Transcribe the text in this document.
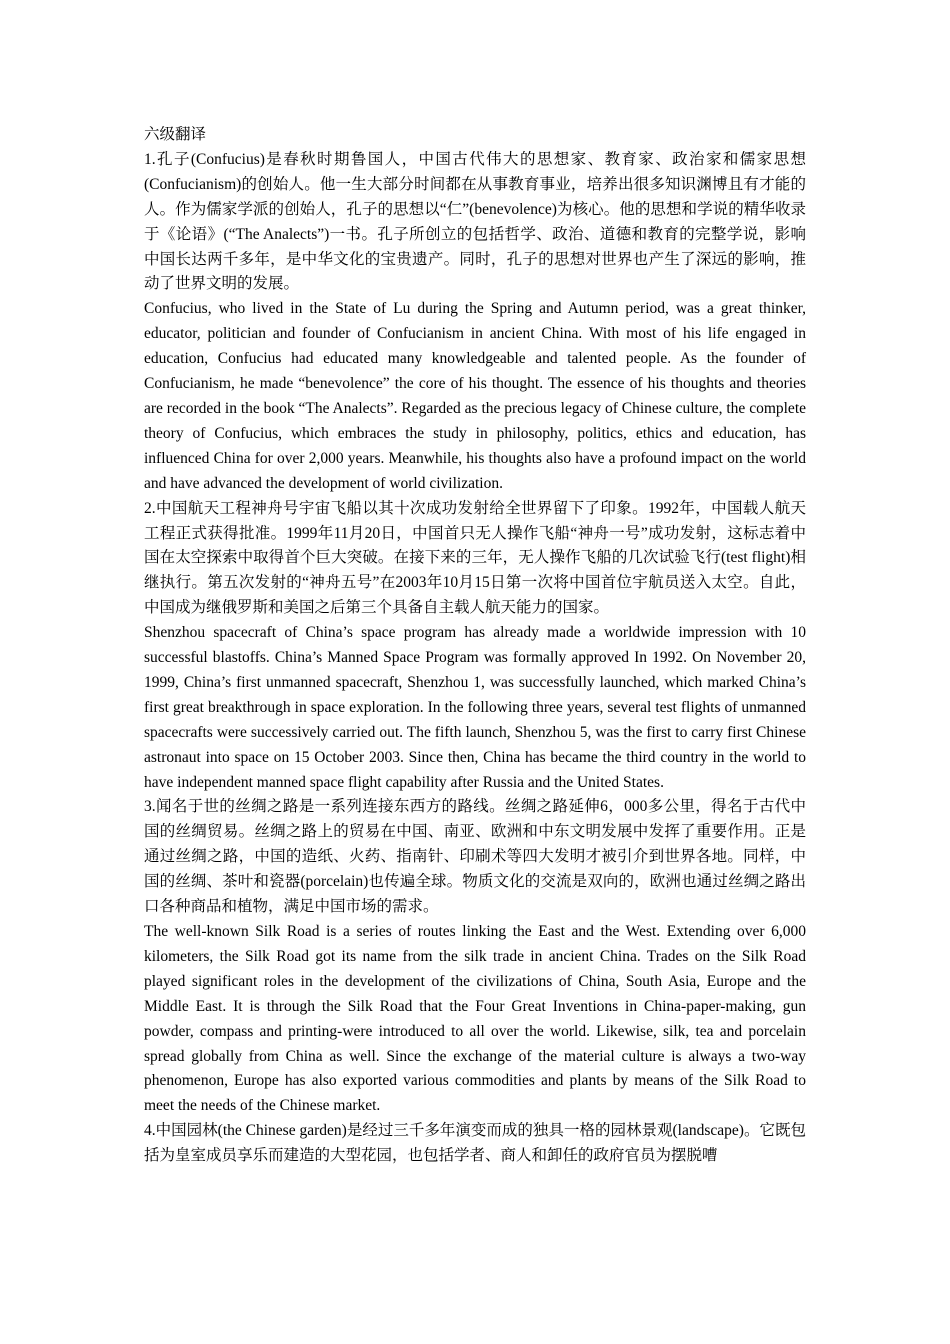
六级翻译

1.孔子(Confucius)是春秋时期鲁国人，中国古代伟大的思想家、教育家、政治家和儒家思想(Confucianism)的创始人。他一生大部分时间都在从事教育事业，培养出很多知识渊博且有才能的人。作为儒家学派的创始人，孔子的思想以“仁”(benevolence)为核心。他的思想和学说的精华收录于《论语》(“The Analects”)一书。孔子所创立的包括哲学、政治、道德和教育的完整学说，影响中国长达两千多年，是中华文化的宝贵遗产。同时，孔子的思想对世界也产生了深远的影响，推动了世界文明的发展。

Confucius, who lived in the State of Lu during the Spring and Autumn period, was a great thinker, educator, politician and founder of Confucianism in ancient China. With most of his life engaged in education, Confucius had educated many knowledgeable and talented people. As the founder of Confucianism, he made “benevolence” the core of his thought. The essence of his thoughts and theories are recorded in the book “The Analects”. Regarded as the precious legacy of Chinese culture, the complete theory of Confucius, which embraces the study in philosophy, politics, ethics and education, has influenced China for over 2,000 years. Meanwhile, his thoughts also have a profound impact on the world and have advanced the development of world civilization.

2.中国航天工程神舟号宇宙飞船以其十次成功发射给全世界留下了印象。1992年，中国载人航天工程正式获得批准。1999年11月20日，中国首只无人操作飞船“神舟一号”成功发射，这标志着中国在太空探索中取得首个巨大突破。在接下来的三年，无人操作飞船的几次试验飞行(test flight)相继执行。第五次发射的“神舟五号”在2003年10月15日第一次将中国首位宇航员送入太空。自此，中国成为继俄罗斯和美国之后第三个具备自主载人航天能力的国家。

Shenzhou spacecraft of China’s space program has already made a worldwide impression with 10 successful blastoffs. China’s Manned Space Program was formally approved In 1992. On November 20, 1999, China’s first unmanned spacecraft, Shenzhou 1, was successfully launched, which marked China’s first great breakthrough in space exploration. In the following three years, several test flights of unmanned spacecrafts were successively carried out. The fifth launch, Shenzhou 5, was the first to carry first Chinese astronaut into space on 15 October 2003. Since then, China has became the third country in the world to have independent manned space flight capability after Russia and the United States.

3.闻名于世的丝绸之路是一系列连接东西方的路线。丝绸之路延伸6，000多公里，得名于古代中国的丝绸贸易。丝绸之路上的贸易在中国、南亚、欧洲和中东文明发展中发挥了重要作用。正是通过丝绸之路，中国的造纸、火药、指南针、印刷术等四大发明才被引介到世界各地。同样，中国的丝绸、茶叶和瓷器(porcelain)也传遍全球。物质文化的交流是双向的，欧洲也通过丝绸之路出口各种商品和植物，满足中国市场的需求。

The well-known Silk Road is a series of routes linking the East and the West. Extending over 6,000 kilometers, the Silk Road got its name from the silk trade in ancient China. Trades on the Silk Road played significant roles in the development of the civilizations of China, South Asia, Europe and the Middle East. It is through the Silk Road that the Four Great Inventions in China-paper-making, gun powder, compass and printing-were introduced to all over the world. Likewise, silk, tea and porcelain spread globally from China as well. Since the exchange of the material culture is always a two-way phenomenon, Europe has also exported various commodities and plants by means of the Silk Road to meet the needs of the Chinese market.

4.中国园林(the Chinese garden)是经过三千多年演变而成的独具一格的园林景观(landscape)。它既包括为皇室成员享乐而建造的大型花园，也包括学者、商人和卸任的政府官员为摆脱嘈
